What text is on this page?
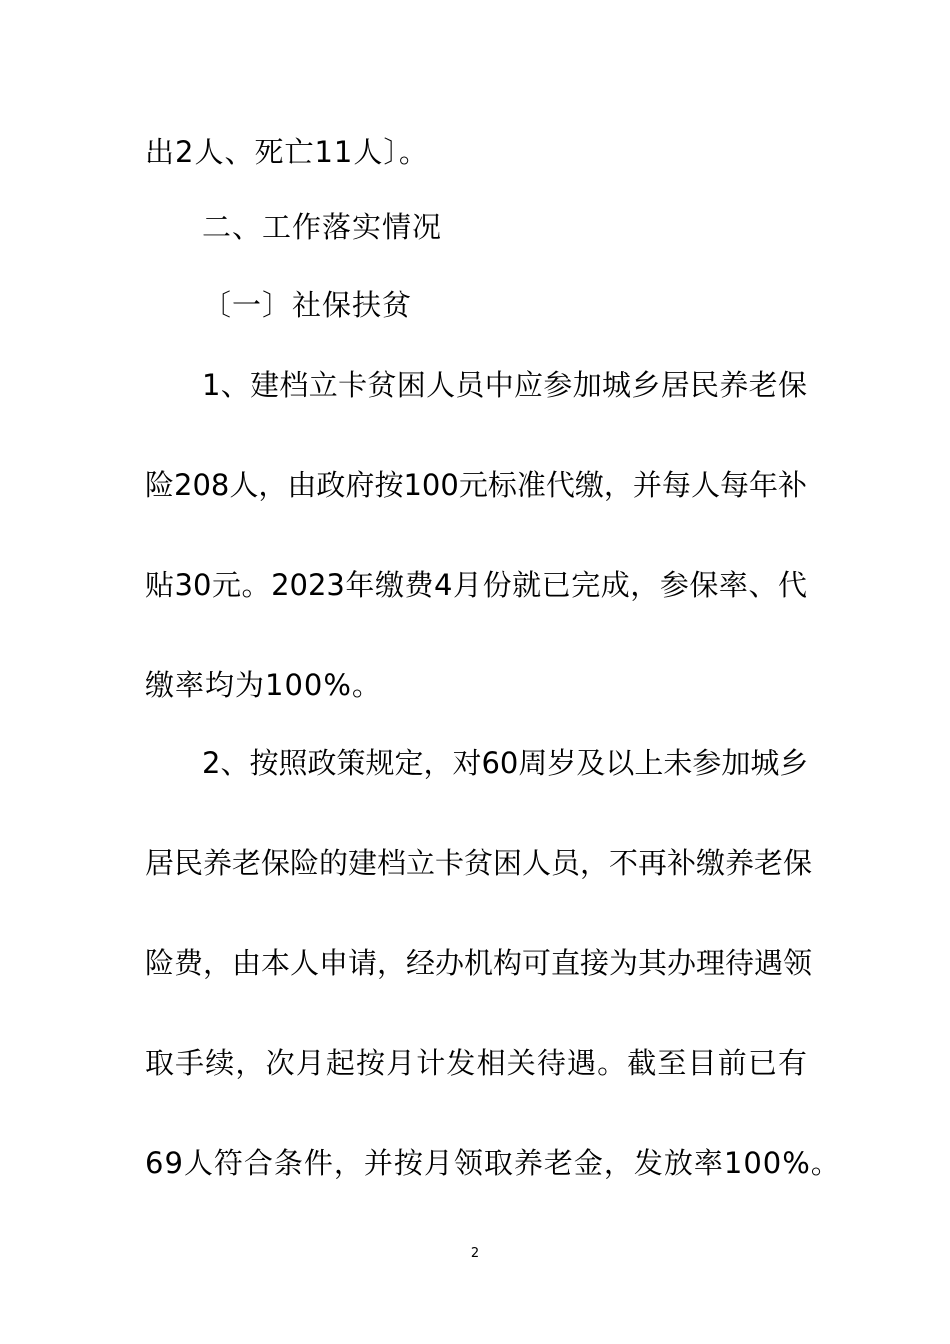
出2人、死亡11人〕。
二、工作落实情况
〔一〕社保扶贫
1、建档立卡贫困人员中应参加城乡居民养老保
险208人，由政府按100元标准代缴，并每人每年补
贴30元。2023年缴费4月份就已完成，参保率、代
缴率均为100%。
2、按照政策规定，对60周岁及以上未参加城乡
居民养老保险的建档立卡贫困人员，不再补缴养老保
险费，由本人申请，经办机构可直接为其办理待遇领
取手续，次月起按月计发相关待遇。截至目前已有
69人符合条件，并按月领取养老金，发放率100%。
2
